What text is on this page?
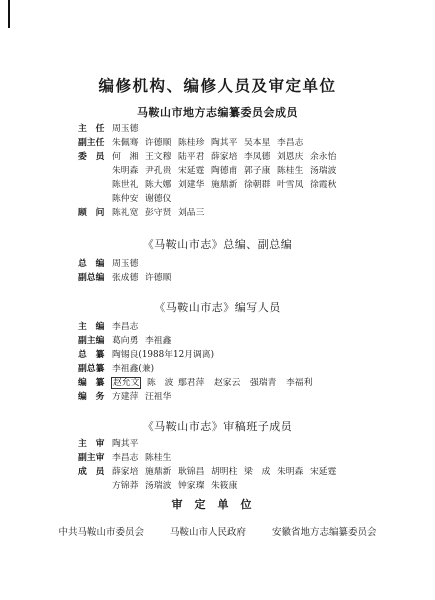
编修机构、编修人员及审定单位
马鞍山市地方志编纂委员会成员
主　任 周玉德
副主任 朱佩骞 许德顺 陈桂珍 陶其平 吴本星 李昌志
委　员 何　湘 王文穆 陆平君 薛家培 李凤德 刘恩庆 余永怡
朱明森 尹孔贵 宋延霆 陶德甫 郭子康 陈桂生 汤瑞波
陈世礼 陈大娜 刘建华 施鼎新 徐朝群 叶雪凤 徐霞秋
陈仲安 谢德仪
顾　问 陈礼宽 彭守贤 刘品三
《马鞍山市志》总编、副总编
总　编 周玉德
副总编 张成德 许德顺
《马鞍山市志》编写人员
主　编 李昌志
副主编 葛向勇 李祖鑫
总　纂 陶锡良(1988年12月调离)
副总纂 李祖鑫(兼)
编　纂 赵允文 陈　波 鄢君萍	赵家云	强瑞青	李福利
编　务 方建萍 汪祖华
《马鞍山市志》审稿班子成员
主　审 陶其平
副主审 李昌志 陈桂生
成　员 薛家培 施鼎新 耿锦昌 胡明柱 梁　成 朱明森 宋延霆
方锦莽 汤瑞波 钟家璨 朱筱康
审定单位
中共马鞍山市委员会	马鞍山市人民政府	安徽省地方志编纂委员会
